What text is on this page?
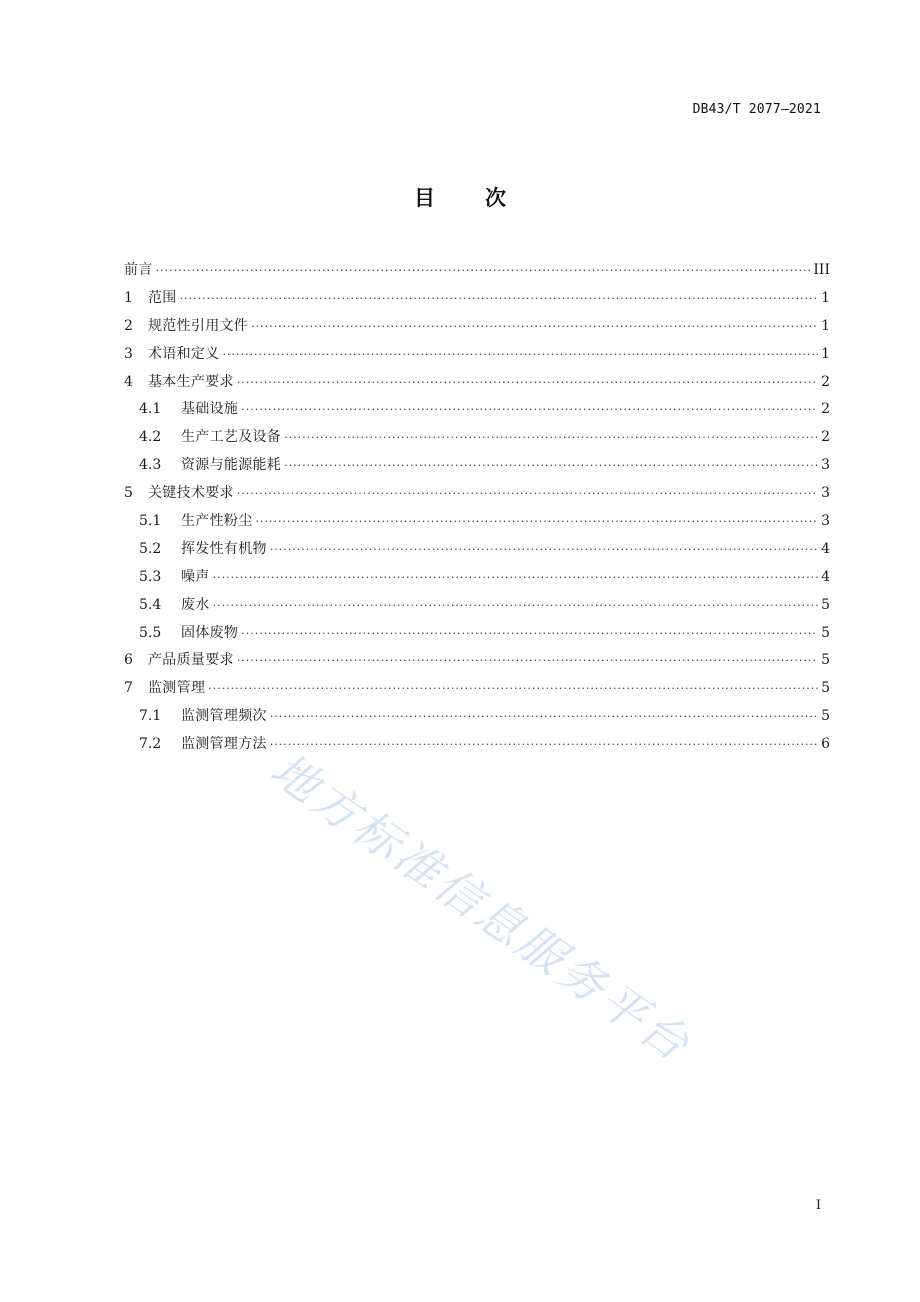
DB43/T 2077—2021
目次
前言 ·····	III
1	范围 ·····	1
2	规范性引用文件 ·····	1
3	术语和定义 ·····	1
4	基本生产要求 ·····	2
4.1	基础设施 ·····	2
4.2	生产工艺及设备 ·····	2
4.3	资源与能源能耗 ·····	3
5	关键技术要求 ·····	3
5.1	生产性粉尘 ·····	3
5.2	挥发性有机物 ·····	4
5.3	噪声 ·····	4
5.4	废水 ·····	5
5.5	固体废物 ·····	5
6	产品质量要求 ·····	5
7	监测管理 ·····	5
7.1	监测管理频次 ·····	5
7.2	监测管理方法 ·····	6
地方标准信息服务平台
I
